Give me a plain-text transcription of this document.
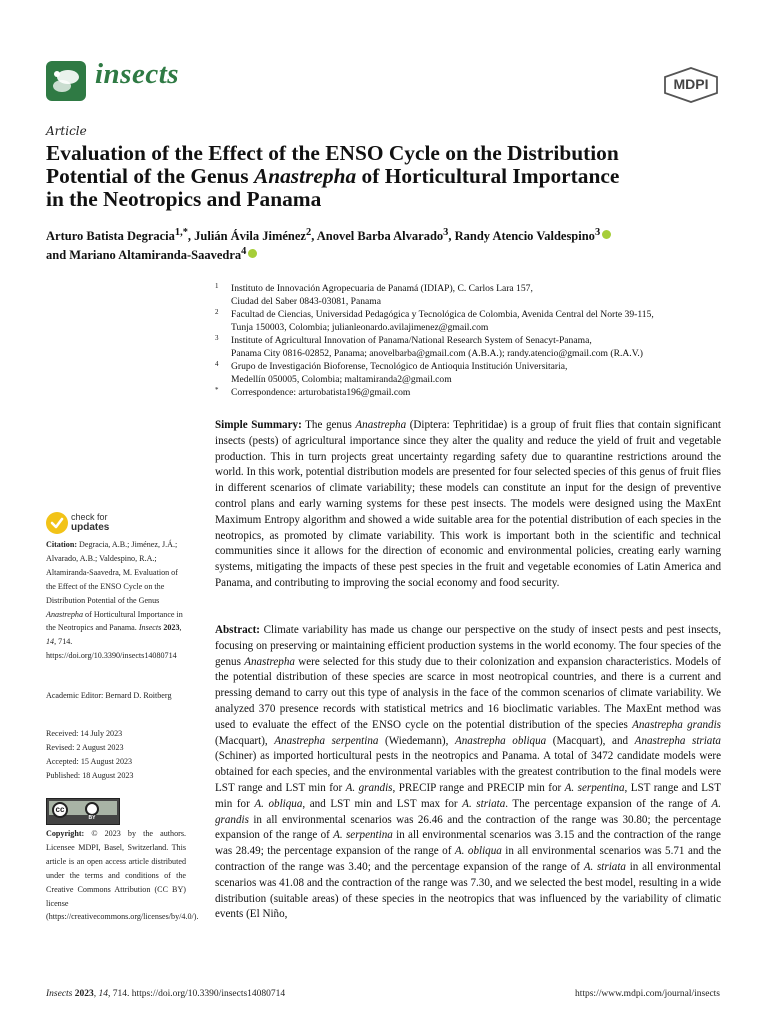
insects	MDPI
Article
Evaluation of the Effect of the ENSO Cycle on the Distribution
Potential of the Genus Anastrepha of Horticultural Importance
in the Neotropics and Panama
Arturo Batista Degracia$^{1,*}$, Julián Ávila Jiménez$^2$, Anovel Barba Alvarado$^3$, Randy Atencio Valdespino$^3$
and Mariano Altamiranda-Saavedra$^4$
1 Instituto de Innovación Agropecuaria de Panamá (IDIAP), C. Carlos Lara 157,
Ciudad del Saber 0843-03081, Panama
2 Facultad de Ciencias, Universidad Pedagógica y Tecnológica de Colombia, Avenida Central del Norte 39-115,
Tunja 150003, Colombia; julianleonardo.avilajimenez@gmail.com
3 Institute of Agricultural Innovation of Panama/National Research System of Senacyt-Panama,
Panama City 0816-02852, Panama; anovelbarba@gmail.com (A.B.A.); randy.atencio@gmail.com (R.A.V.)
4 Grupo de Investigación Bioforense, Tecnológico de Antioquia Institución Universitaria,
Medellín 050005, Colombia; maltamiranda2@gmail.com
* Correspondence: arturobatista196@gmail.com
check for
updates
Citation: Degracia, A.B.; Jiménez, J.Á.; Alvarado, A.B.; Valdespino, R.A.; Altamiranda-Saavedra, M. Evaluation of the Effect of the ENSO Cycle on the Distribution Potential of the Genus Anastrepha of Horticultural Importance in the Neotropics and Panama. Insects 2023, 14, 714. https://doi.org/10.3390/insects14080714
Academic Editor: Bernard D. Roitberg
Received: 14 July 2023
Revised: 2 August 2023
Accepted: 15 August 2023
Published: 18 August 2023
cc
BY
Copyright: © 2023 by the authors. Licensee MDPI, Basel, Switzerland. This article is an open access article distributed under the terms and conditions of the Creative Commons Attribution (CC BY) license (https://creativecommons.org/licenses/by/4.0/).
Simple Summary: The genus Anastrepha (Diptera: Tephritidae) is a group of fruit flies that contain significant insects (pests) of agricultural importance since they alter the quality and reduce the yield of fruit and vegetable production. This in turn projects great uncertainty regarding safety due to quarantine restrictions around the world. In this work, potential distribution models are presented for four selected species of this genus of fruit flies in different scenarios of climate variability; these models can constitute an input for the design of preventive control plans and early warning systems for these pest insects. The models were designed using the MaxEnt Maximum Entropy algorithm and showed a wide suitable area for the potential distribution of each species in the neotropics, as promoted by climate variability. This work is important both in the scientific and technical communities since it allows for the direction of economic and environmental policies, creating early warning systems, mitigating the impacts of these pest species in the fruit and vegetable economies of Latin America and Panama, and contributing to improving the social economy and food security.
Abstract: Climate variability has made us change our perspective on the study of insect pests and pest insects, focusing on preserving or maintaining efficient production systems in the world economy. The four species of the genus Anastrepha were selected for this study due to their colonization and expansion characteristics. Models of the potential distribution of these species are scarce in most neotropical countries, and there is a current and pressing demand to carry out this type of analysis in the face of the common scenarios of climate variability. We analyzed 370 presence records with statistical metrics and 16 bioclimatic variables. The MaxEnt method was used to evaluate the effect of the ENSO cycle on the potential distribution of the species Anastrepha grandis (Macquart), Anastrepha serpentina (Wiedemann), Anastrepha obliqua (Macquart), and Anastrepha striata (Schiner) as imported horticultural pests in the neotropics and Panama. A total of 3472 candidate models were obtained for each species, and the environmental variables with the greatest contribution to the final models were LST range and LST min for A. grandis, PRECIP range and PRECIP min for A. serpentina, LST range and LST min for A. obliqua, and LST min and LST max for A. striata. The percentage expansion of the range of A. grandis in all environmental scenarios was 26.46 and the contraction of the range was 30.80; the percentage expansion of the range of A. serpentina in all environmental scenarios was 3.15 and the contraction of the range was 28.49; the percentage expansion of the range of A. obliqua in all environmental scenarios was 5.71 and the contraction of the range was 3.40; and the percentage expansion of the range of A. striata in all environmental scenarios was 41.08 and the contraction of the range was 7.30, and we selected the best model, resulting in a wide distribution (suitable areas) of these species in the neotropics that was influenced by the variability of climatic events (El Niño,
Insects 2023, 14, 714. https://doi.org/10.3390/insects14080714	https://www.mdpi.com/journal/insects
